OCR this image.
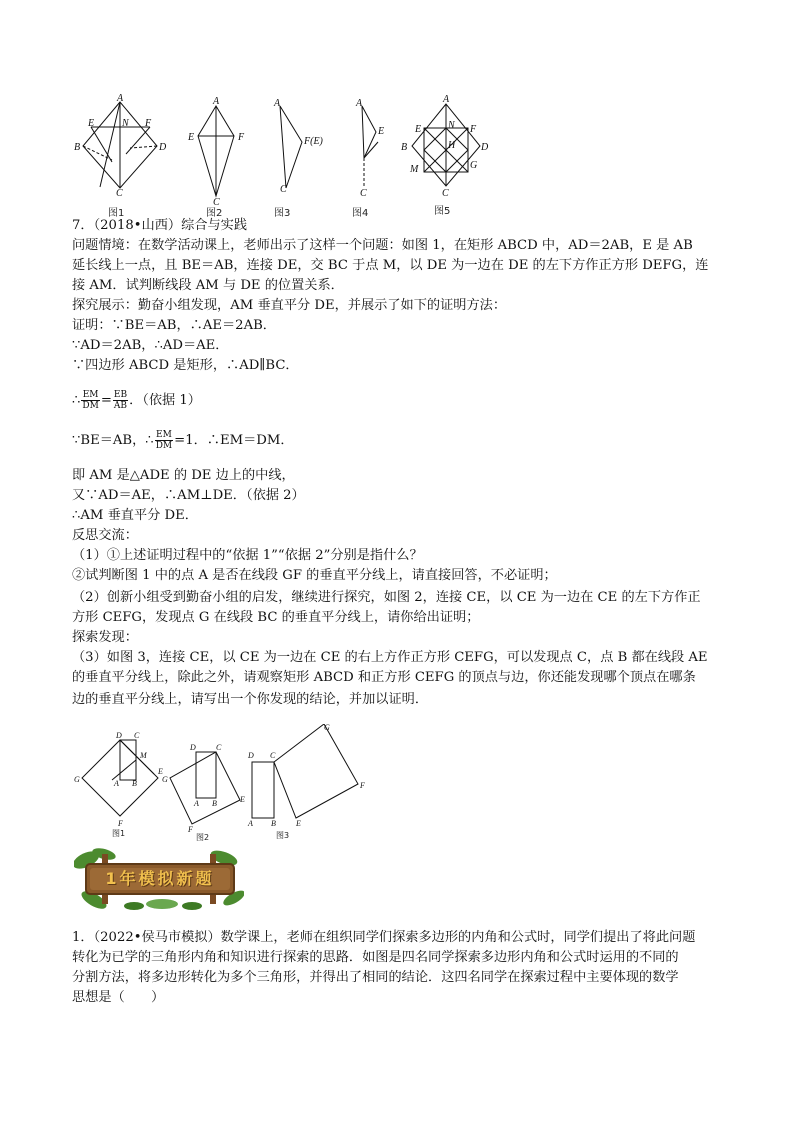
A
E	N F
B	D
C
A
E	F
C
A
F(E)
C
A
E
C
A
E	N F
B	H	D
M	G
C
图1	图2	图3	图4	图5
7．（2018•山西）综合与实践
问题情境：在数学活动课上，老师出示了这样一个问题：如图 1，在矩形 ABCD 中，AD＝2AB，E 是 AB
延长线上一点，且 BE＝AB，连接 DE，交 BC 于点 M，以 DE 为一边在 DE 的左下方作正方形 DEFG，连
接 AM．试判断线段 AM 与 DE 的位置关系．
探究展示：勤奋小组发现，AM 垂直平分 DE，并展示了如下的证明方法：
证明：∵BE＝AB，∴AE＝2AB．
∵AD＝2AB，∴AD＝AE．
∵四边形 ABCD 是矩形，∴AD∥BC．
∴ $\frac{EM}{DM} = \frac{EB}{AB}$ ．（依据 1）
∵BE＝AB，∴ $\frac{EM}{DM} =1$．∴EM＝DM．
即 AM 是△ADE 的 DE 边上的中线，
又∵AD＝AE，∴AM⊥DE．（依据 2）
∴AM 垂直平分 DE．
反思交流：
（1）①上述证明过程中的“依据 1”“依据 2”分别是指什么？
②试判断图 1 中的点 A 是否在线段 GF 的垂直平分线上，请直接回答，不必证明；
（2）创新小组受到勤奋小组的启发，继续进行探究，如图 2，连接 CE，以 CE 为一边在 CE 的左下方作正
方形 CEFG，发现点 G 在线段 BC 的垂直平分线上，请你给出证明；
探索发现：
（3）如图 3，连接 CE，以 CE 为一边在 CE 的右上方作正方形 CEFG，可以发现点 C，点 B 都在线段 AE
的垂直平分线上，除此之外，请观察矩形 ABCD 和正方形 CEFG 的顶点与边，你还能发现哪个顶点在哪条
边的垂直平分线上，请写出一个你发现的结论，并加以证明．
D C
M
G	A B
E
F
D	C
G
A B	E
F
D C
G
F
A B	E
图1	图2	图3
1年模拟新题
1．（2022•侯马市模拟）数学课上，老师在组织同学们探索多边形的内角和公式时，同学们提出了将此问题
转化为已学的三角形内角和知识进行探索的思路．如图是四名同学探索多边形内角和公式时运用的不同的
分割方法，将多边形转化为多个三角形，并得出了相同的结论．这四名同学在探索过程中主要体现的数学
思想是（　　）
